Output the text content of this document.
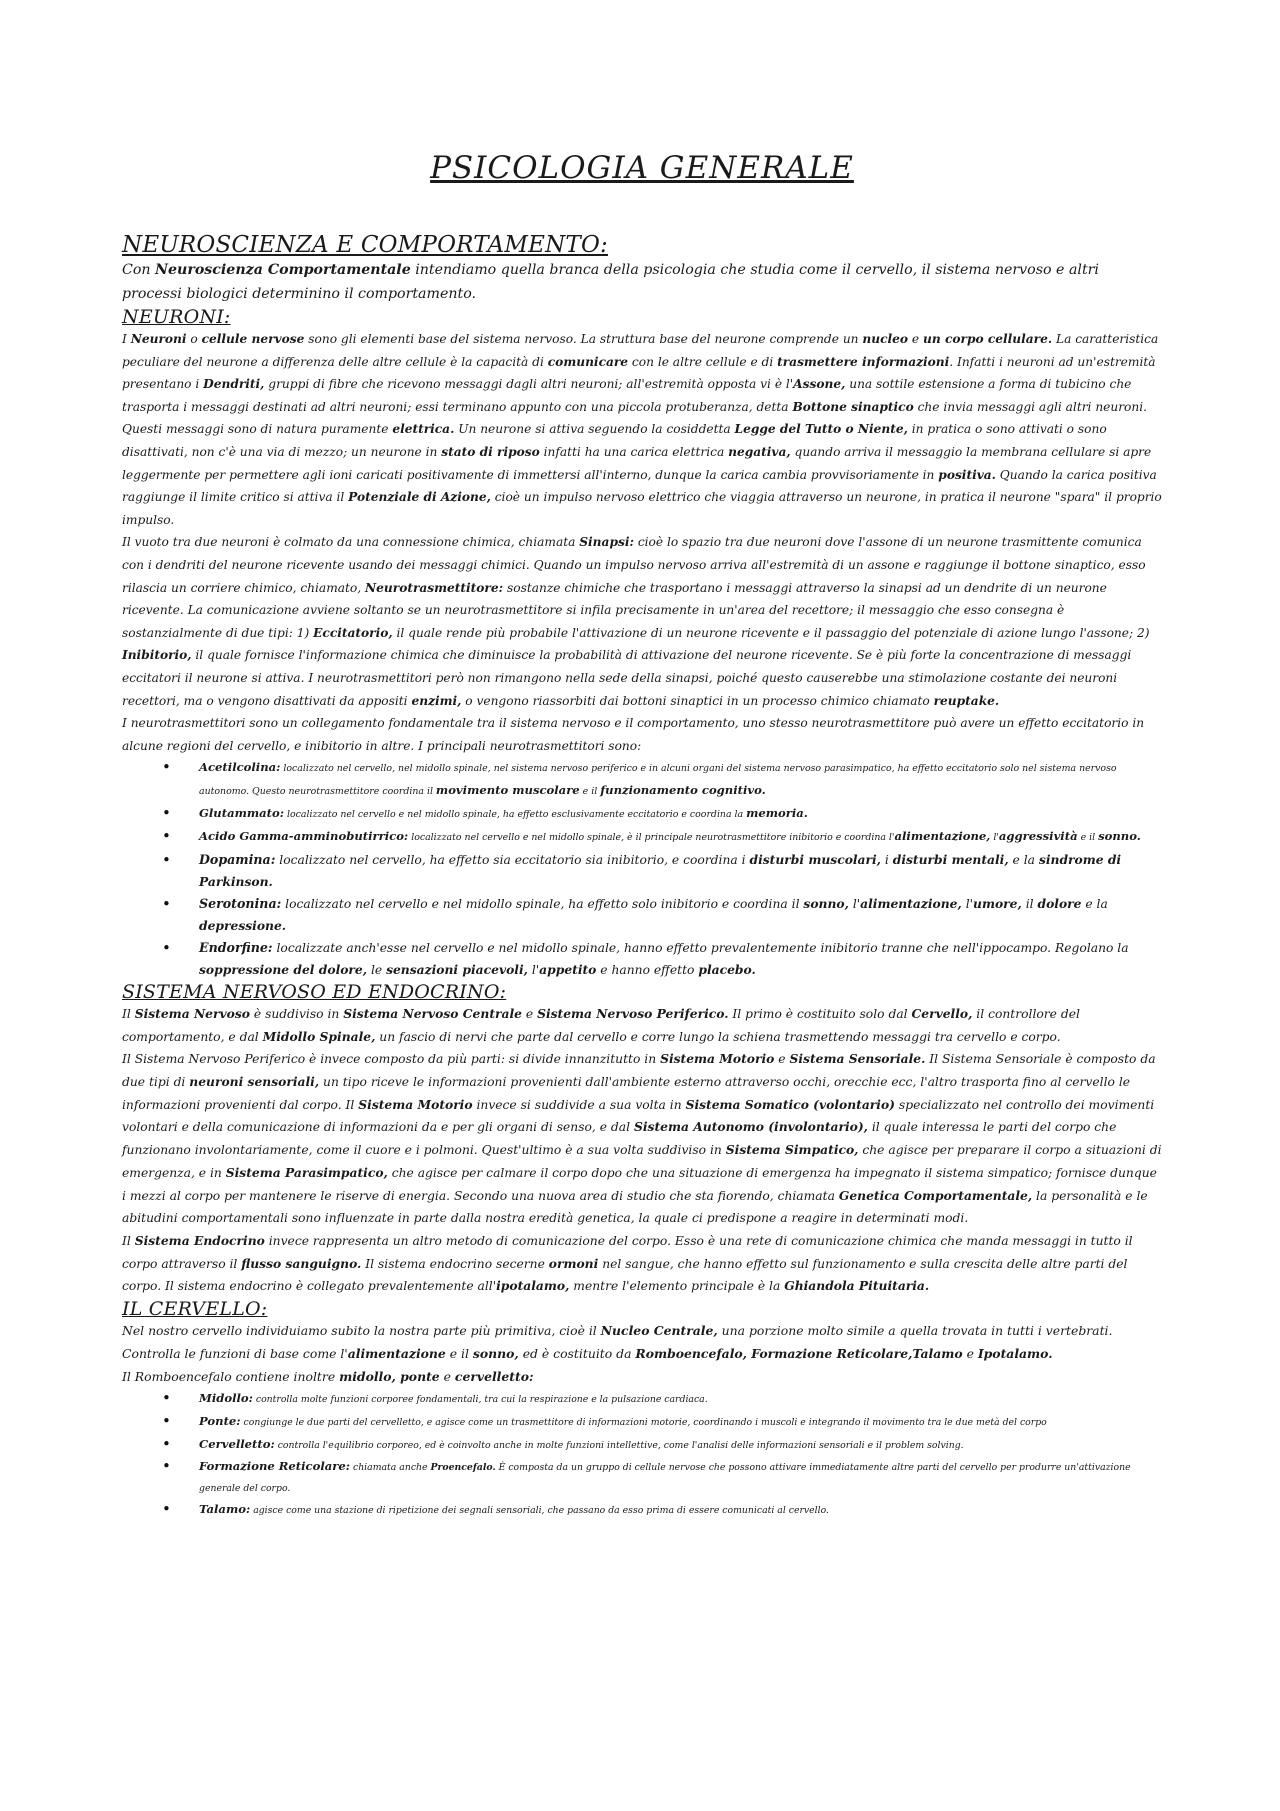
PSICOLOGIA GENERALE
NEUROSCIENZA E COMPORTAMENTO:

Con Neuroscienza Comportamentale intendiamo quella branca della psicologia che studia come il cervello, il sistema nervoso e altri processi biologici determinino il comportamento.

NEURONI:

I Neuroni o cellule nervose sono gli elementi base del sistema nervoso. La struttura base del neurone comprende un nucleo e un corpo cellulare. La caratteristica peculiare del neurone a differenza delle altre cellule è la capacità di comunicare con le altre cellule e di trasmettere informazioni. Infatti i neuroni ad un'estremità presentano i Dendriti, gruppi di fibre che ricevono messaggi dagli altri neuroni; all'estremità opposta vi è l'Assone, una sottile estensione a forma di tubicino che trasporta i messaggi destinati ad altri neuroni; essi terminano appunto con una piccola protuberanza, detta Bottone sinaptico che invia messaggi agli altri neuroni. Questi messaggi sono di natura puramente elettrica. Un neurone si attiva seguendo la cosiddetta Legge del Tutto o Niente, in pratica o sono attivati o sono disattivati, non c'è una via di mezzo; un neurone in stato di riposo infatti ha una carica elettrica negativa, quando arriva il messaggio la membrana cellulare si apre leggermente per permettere agli ioni caricati positivamente di immettersi all'interno, dunque la carica cambia provvisoriamente in positiva. Quando la carica positiva raggiunge il limite critico si attiva il Potenziale di Azione, cioè un impulso nervoso elettrico che viaggia attraverso un neurone, in pratica il neurone "spara" il proprio impulso.

Il vuoto tra due neuroni è colmato da una connessione chimica, chiamata Sinapsi: cioè lo spazio tra due neuroni dove l'assone di un neurone trasmittente comunica con i dendriti del neurone ricevente usando dei messaggi chimici. Quando un impulso nervoso arriva all'estremità di un assone e raggiunge il bottone sinaptico, esso rilascia un corriere chimico, chiamato, Neurotrasmettitore: sostanze chimiche che trasportano i messaggi attraverso la sinapsi ad un dendrite di un neurone ricevente. La comunicazione avviene soltanto se un neurotrasmettitore si infila precisamente in un'area del recettore; il messaggio che esso consegna è sostanzialmente di due tipi: 1) Eccitatorio, il quale rende più probabile l'attivazione di un neurone ricevente e il passaggio del potenziale di azione lungo l'assone; 2) Inibitorio, il quale fornisce l'informazione chimica che diminuisce la probabilità di attivazione del neurone ricevente. Se è più forte la concentrazione di messaggi eccitatori il neurone si attiva. I neurotrasmettitori però non rimangono nella sede della sinapsi, poiché questo causerebbe una stimolazione costante dei neuroni recettori, ma o vengono disattivati da appositi enzimi, o vengono riassorbiti dai bottoni sinaptici in un processo chimico chiamato reuptake.

I neurotrasmettitori sono un collegamento fondamentale tra il sistema nervoso e il comportamento, uno stesso neurotrasmettitore può avere un effetto eccitatorio in alcune regioni del cervello, e inibitorio in altre. I principali neurotrasmettitori sono:

• Acetilcolina: localizzato nel cervello, nel midollo spinale, nel sistema nervoso periferico e in alcuni organi del sistema nervoso parasimpatico, ha effetto eccitatorio solo nel sistema nervoso autonomo. Questo neurotrasmettitore coordina il movimento muscolare e il funzionamento cognitivo.
• Glutammato: localizzato nel cervello e nel midollo spinale, ha effetto esclusivamente eccitatorio e coordina la memoria.
• Acido Gamma-amminobutirrico: localizzato nel cervello e nel midollo spinale, è il principale neurotrasmettitore inibitorio e coordina l'alimentazione, l'aggressività e il sonno.
• Dopamina: localizzato nel cervello, ha effetto sia eccitatorio sia inibitorio, e coordina i disturbi muscolari, i disturbi mentali, e la sindrome di Parkinson.
• Serotonina: localizzato nel cervello e nel midollo spinale, ha effetto solo inibitorio e coordina il sonno, l'alimentazione, l'umore, il dolore e la depressione.
• Endorfine: localizzate anch'esse nel cervello e nel midollo spinale, hanno effetto prevalentemente inibitorio tranne che nell'ippocampo. Regolano la soppressione del dolore, le sensazioni piacevoli, l'appetito e hanno effetto placebo.
SISTEMA NERVOSO ED ENDOCRINO:

Il Sistema Nervoso è suddiviso in Sistema Nervoso Centrale e Sistema Nervoso Periferico. Il primo è costituito solo dal Cervello, il controllore del comportamento, e dal Midollo Spinale, un fascio di nervi che parte dal cervello e corre lungo la schiena trasmettendo messaggi tra cervello e corpo.

Il Sistema Nervoso Periferico è invece composto da più parti: si divide innanzitutto in Sistema Motorio e Sistema Sensoriale. Il Sistema Sensoriale è composto da due tipi di neuroni sensoriali, un tipo riceve le informazioni provenienti dall'ambiente esterno attraverso occhi, orecchie ecc, l'altro trasporta fino al cervello le informazioni provenienti dal corpo. Il Sistema Motorio invece si suddivide a sua volta in Sistema Somatico (volontario) specializzato nel controllo dei movimenti volontari e della comunicazione di informazioni da e per gli organi di senso, e dal Sistema Autonomo (involontario), il quale interessa le parti del corpo che funzionano involontariamente, come il cuore e i polmoni. Quest'ultimo è a sua volta suddiviso in Sistema Simpatico, che agisce per preparare il corpo a situazioni di emergenza, e in Sistema Parasimpatico, che agisce per calmare il corpo dopo che una situazione di emergenza ha impegnato il sistema simpatico; fornisce dunque i mezzi al corpo per mantenere le riserve di energia. Secondo una nuova area di studio che sta fiorendo, chiamata Genetica Comportamentale, la personalità e le abitudini comportamentali sono influenzate in parte dalla nostra eredità genetica, la quale ci predispone a reagire in determinati modi.

Il Sistema Endocrino invece rappresenta un altro metodo di comunicazione del corpo. Esso è una rete di comunicazione chimica che manda messaggi in tutto il corpo attraverso il flusso sanguigno. Il sistema endocrino secerne ormoni nel sangue, che hanno effetto sul funzionamento e sulla crescita delle altre parti del corpo. Il sistema endocrino è collegato prevalentemente all'ipotalamo, mentre l'elemento principale è la Ghiandola Pituitaria.

IL CERVELLO:

Nel nostro cervello individuiamo subito la nostra parte più primitiva, cioè il Nucleo Centrale, una porzione molto simile a quella trovata in tutti i vertebrati. Controlla le funzioni di base come l'alimentazione e il sonno, ed è costituito da Romboencefalo, Formazione Reticolare,Talamo e Ipotalamo.

Il Romboencefalo contiene inoltre midollo, ponte e cervelletto:

• Midollo: controlla molte funzioni corporee fondamentali, tra cui la respirazione e la pulsazione cardiaca.
• Ponte: congiunge le due parti del cervelletto, e agisce come un trasmettitore di informazioni motorie, coordinando i muscoli e integrando il movimento tra le due metà del corpo
• Cervelletto: controlla l'equilibrio corporeo, ed è coinvolto anche in molte funzioni intellettive, come l'analisi delle informazioni sensoriali e il problem solving.
• Formazione Reticolare: chiamata anche Proencefalo. È composta da un gruppo di cellule nervose che possono attivare immediatamente altre parti del cervello per produrre un'attivazione generale del corpo.
• Talamo: agisce come una stazione di ripetizione dei segnali sensoriali, che passano da esso prima di essere comunicati al cervello.
